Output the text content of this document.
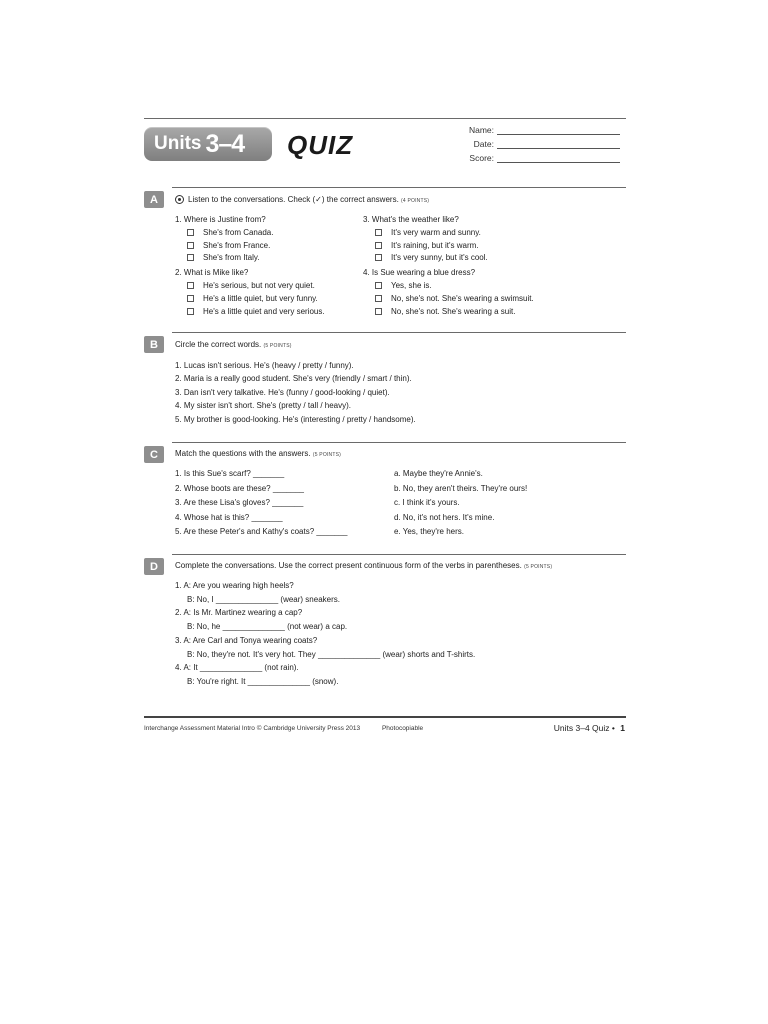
Units 3–4 QUIZ	Name:
Date:
Score:
A	Listen to the conversations. Check (✓) the correct answers. (4 POINTS)
1. Where is Justine from?
She's from Canada.
She's from France.
She's from Italy.
2. What is Mike like?
He's serious, but not very quiet.
He's a little quiet, but very funny.
He's a little quiet and very serious.
3. What's the weather like?
It's very warm and sunny.
It's raining, but it's warm.
It's very sunny, but it's cool.
4. Is Sue wearing a blue dress?
Yes, she is.
No, she's not. She's wearing a swimsuit.
No, she's not. She's wearing a suit.
B	Circle the correct words. (5 POINTS)
1. Lucas isn't serious. He's (heavy / pretty / funny).
2. Maria is a really good student. She's very (friendly / smart / thin).
3. Dan isn't very talkative. He's (funny / good-looking / quiet).
4. My sister isn't short. She's (pretty / tall / heavy).
5. My brother is good-looking. He's (interesting / pretty / handsome).
C	Match the questions with the answers. (5 POINTS)
1. Is this Sue's scarf? _______
2. Whose boots are these? _______
3. Are these Lisa's gloves? _______
4. Whose hat is this? _______
5. Are these Peter's and Kathy's coats? _______
a. Maybe they're Annie's.
b. No, they aren't theirs. They're ours!
c. I think it's yours.
d. No, it's not hers. It's mine.
e. Yes, they're hers.
D	Complete the conversations. Use the correct present continuous form of the verbs in parentheses. (5 POINTS)
1. A: Are you wearing high heels?
B: No, I ______________ (wear) sneakers.
2. A: Is Mr. Martinez wearing a cap?
B: No, he ______________ (not wear) a cap.
3. A: Are Carl and Tonya wearing coats?
B: No, they're not. It's very hot. They ______________ (wear) shorts and T-shirts.
4. A: It ______________ (not rain).
B: You're right. It ______________ (snow).
Interchange Assessment Material Intro © Cambridge University Press 2013	Photocopiable	Units 3–4 Quiz • 1
